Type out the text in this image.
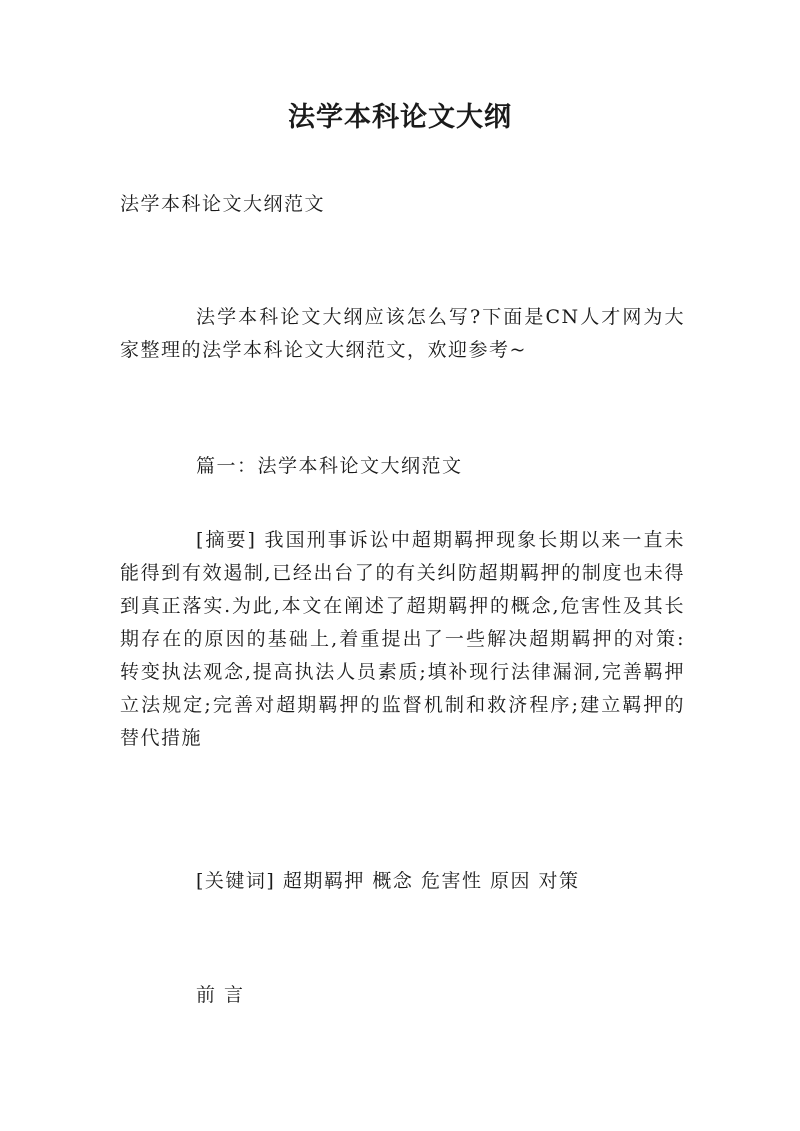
法学本科论文大纲

法学本科论文大纲范文

法学本科论文大纲应该怎么写?下面是CN人才网为大家整理的法学本科论文大纲范文，欢迎参考~

篇一：法学本科论文大纲范文

[摘要] 我国刑事诉讼中超期羁押现象长期以来一直未能得到有效遏制,已经出台了的有关纠防超期羁押的制度也未得到真正落实.为此,本文在阐述了超期羁押的概念,危害性及其长期存在的原因的基础上,着重提出了一些解决超期羁押的对策:转变执法观念,提高执法人员素质;填补现行法律漏洞,完善羁押立法规定;完善对超期羁押的监督机制和救济程序;建立羁押的替代措施

[关键词] 超期羁押 概念 危害性 原因 对策

前 言
